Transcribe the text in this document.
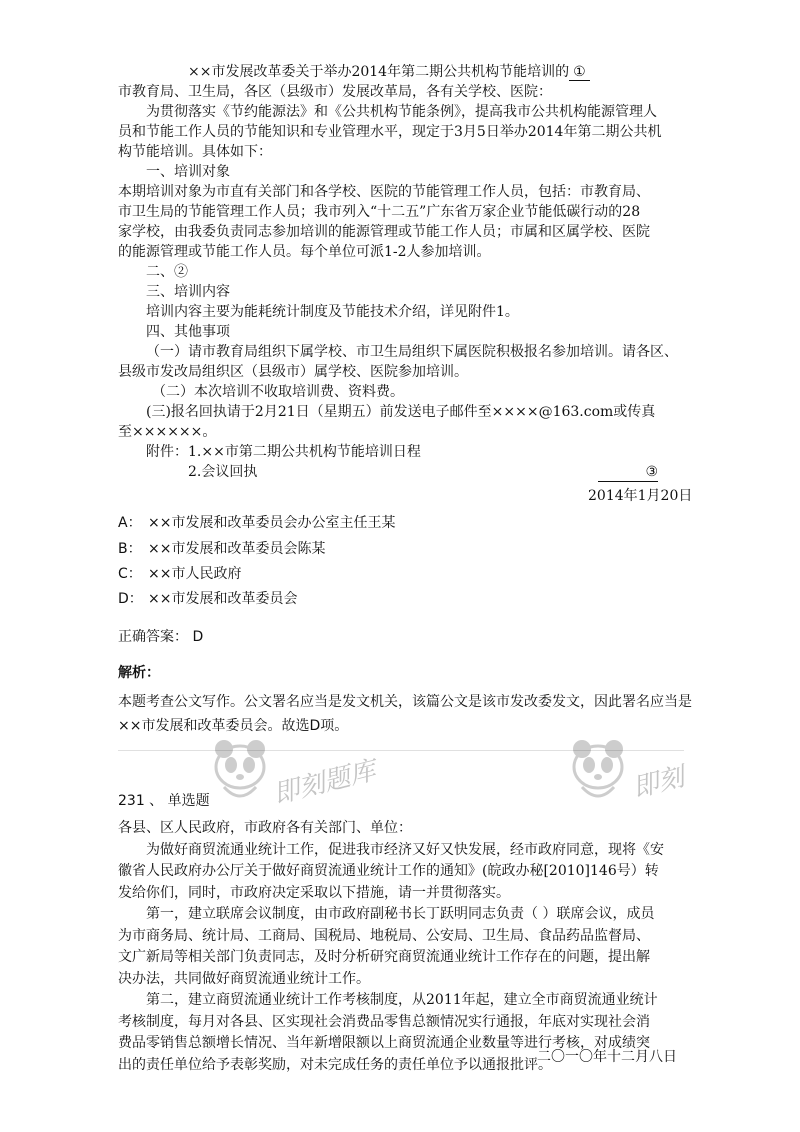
××市发展改革委关于举办2014年第二期公共机构节能培训的 ①
市教育局、卫生局，各区（县级市）发展改革局，各有关学校、医院：
为贯彻落实《节约能源法》和《公共机构节能条例》，提高我市公共机构能源管理人
员和节能工作人员的节能知识和专业管理水平，现定于3月5日举办2014年第二期公共机
构节能培训。具体如下：
一、培训对象
本期培训对象为市直有关部门和各学校、医院的节能管理工作人员，包括：市教育局、
市卫生局的节能管理工作人员；我市列入“十二五”广东省万家企业节能低碳行动的28
家学校，由我委负责同志参加培训的能源管理或节能工作人员；市属和区属学校、医院
的能源管理或节能工作人员。每个单位可派1-2人参加培训。
二、②
三、培训内容
培训内容主要为能耗统计制度及节能技术介绍，详见附件1。
四、其他事项
（一）请市教育局组织下属学校、市卫生局组织下属医院积极报名参加培训。请各区、
县级市发改局组织区（县级市）属学校、医院参加培训。
（二）本次培训不收取培训费、资料费。
(三)报名回执请于2月21日（星期五）前发送电子邮件至××××@163.com或传真
至××××××。
附件：1.××市第二期公共机构节能培训日程
2.会议回执	③
2014年1月20日
A： ××市发展和改革委员会办公室主任王某
B： ××市发展和改革委员会陈某
C： ××市人民政府
D： ××市发展和改革委员会
正确答案： D
解析：
本题考查公文写作。公文署名应当是发文机关，该篇公文是该市发改委发文，因此署名应当是××市发展和改革委员会。故选D项。
即刻题库	即刻
231 、 单选题
各县、区人民政府，市政府各有关部门、单位：
为做好商贸流通业统计工作，促进我市经济又好又快发展，经市政府同意，现将《安
徽省人民政府办公厅关于做好商贸流通业统计工作的通知》(皖政办秘[2010]146号）转
发给你们，同时，市政府决定采取以下措施，请一并贯彻落实。
第一，建立联席会议制度，由市政府副秘书长丁跃明同志负责（ ）联席会议，成员
为市商务局、统计局、工商局、国税局、地税局、公安局、卫生局、食品药品监督局、
文广新局等相关部门负责同志，及时分析研究商贸流通业统计工作存在的问题，提出解
决办法，共同做好商贸流通业统计工作。
第二，建立商贸流通业统计工作考核制度，从2011年起，建立全市商贸流通业统计
考核制度，每月对各县、区实现社会消费品零售总额情况实行通报，年底对实现社会消
费品零销售总额增长情况、当年新增限额以上商贸流通企业数量等进行考核，对成绩突
出的责任单位给予表彰奖励，对未完成任务的责任单位予以通报批评。
二〇一〇年十二月八日
